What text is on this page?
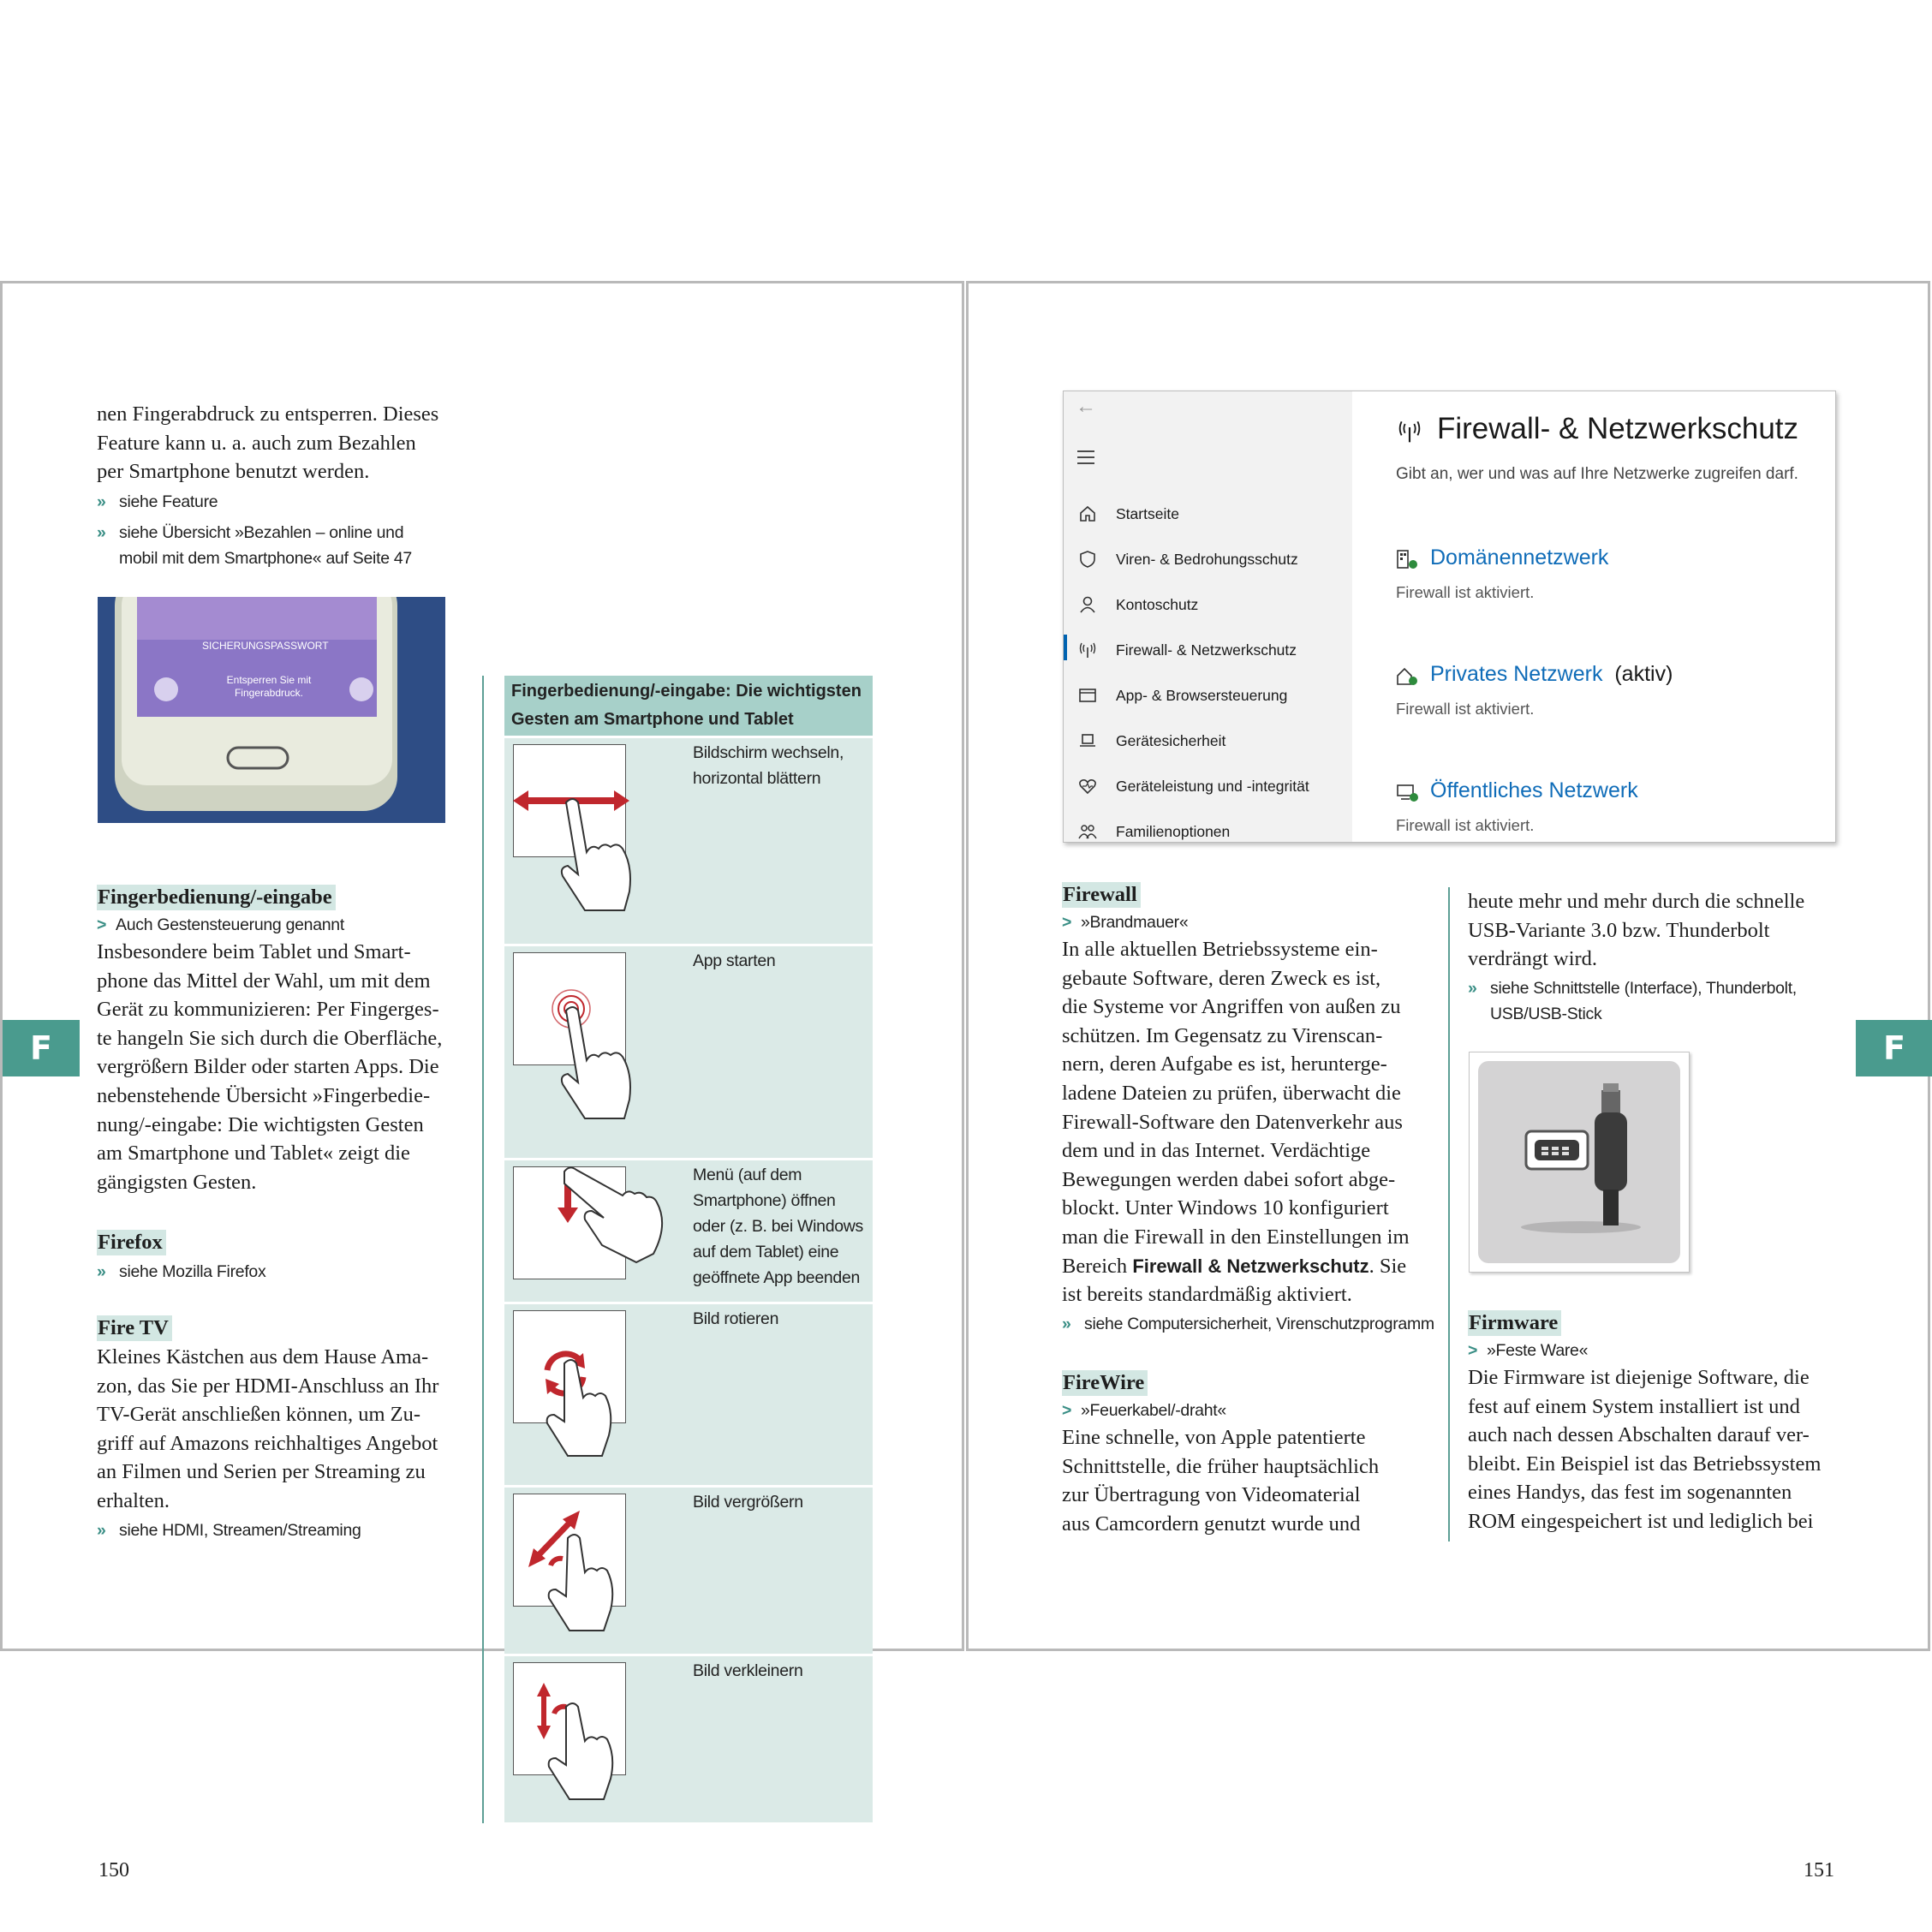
F
nen Fingerabdruck zu entsperren. Dieses
Feature kann u. a. auch zum Bezahlen
per Smartphone benutzt werden.
» siehe Feature
» siehe Übersicht »Bezahlen – online und
mobil mit dem Smartphone« auf Seite 47
SICHERUNGSPASSWORT
Entsperren Sie mit
Fingerabdruck.
Fingerbedienung/-eingabe
> Auch Gestensteuerung genannt
Insbesondere beim Tablet und Smart-
phone das Mittel der Wahl, um mit dem
Gerät zu kommunizieren: Per Fingerges-
te hangeln Sie sich durch die Oberfläche,
vergrößern Bilder oder starten Apps. Die
nebenstehende Übersicht »Fingerbedie-
nung/-eingabe: Die wichtigsten Gesten
am Smartphone und Tablet« zeigt die
gängigsten Gesten.
Firefox
» siehe Mozilla Firefox
Fire TV
Kleines Kästchen aus dem Hause Ama-
zon, das Sie per HDMI-Anschluss an Ihr
TV-Gerät anschließen können, um Zu-
griff auf Amazons reichhaltiges Angebot
an Filmen und Serien per Streaming zu
erhalten.
» siehe HDMI, Streamen/Streaming
Fingerbedienung/-eingabe: Die wichtigsten
Gesten am Smartphone und Tablet
Bildschirm wechseln,
horizontal blättern
App starten
Menü (auf dem
Smartphone) öffnen
oder (z. B. bei Windows
auf dem Tablet) eine
geöffnete App beenden
Bild rotieren
Bild vergrößern
Bild verkleinern
150
F
151
←
Startseite
Viren- & Bedrohungsschutz
Kontoschutz
Firewall- & Netzwerkschutz
App- & Browsersteuerung
Gerätesicherheit
Geräteleistung und -integrität
Familienoptionen
Firewall- & Netzwerkschutz
Gibt an, wer und was auf Ihre Netzwerke zugreifen darf.
Domänennetzwerk
Firewall ist aktiviert.
Privates Netzwerk (aktiv)
Firewall ist aktiviert.
Öffentliches Netzwerk
Firewall ist aktiviert.
Firewall
> »Brandmauer«
In alle aktuellen Betriebssysteme ein-
gebaute Software, deren Zweck es ist,
die Systeme vor Angriffen von außen zu
schützen. Im Gegensatz zu Virenscan-
nern, deren Aufgabe es ist, herunterge-
ladene Dateien zu prüfen, überwacht die
Firewall-Software den Datenverkehr aus
dem und in das Internet. Verdächtige
Bewegungen werden dabei sofort abge-
blockt. Unter Windows 10 konfiguriert
man die Firewall in den Einstellungen im
Bereich Firewall & Netzwerkschutz. Sie
ist bereits standardmäßig aktiviert.
» siehe Computersicherheit, Virenschutzprogramm
FireWire
> »Feuerkabel/-draht«
Eine schnelle, von Apple patentierte
Schnittstelle, die früher hauptsächlich
zur Übertragung von Videomaterial
aus Camcordern genutzt wurde und
heute mehr und mehr durch die schnelle
USB-Variante 3.0 bzw. Thunderbolt
verdrängt wird.
» siehe Schnittstelle (Interface), Thunderbolt,
USB/USB-Stick
Firmware
> »Feste Ware«
Die Firmware ist diejenige Software, die
fest auf einem System installiert ist und
auch nach dessen Abschalten darauf ver-
bleibt. Ein Beispiel ist das Betriebssystem
eines Handys, das fest im sogenannten
ROM eingespeichert ist und lediglich bei
